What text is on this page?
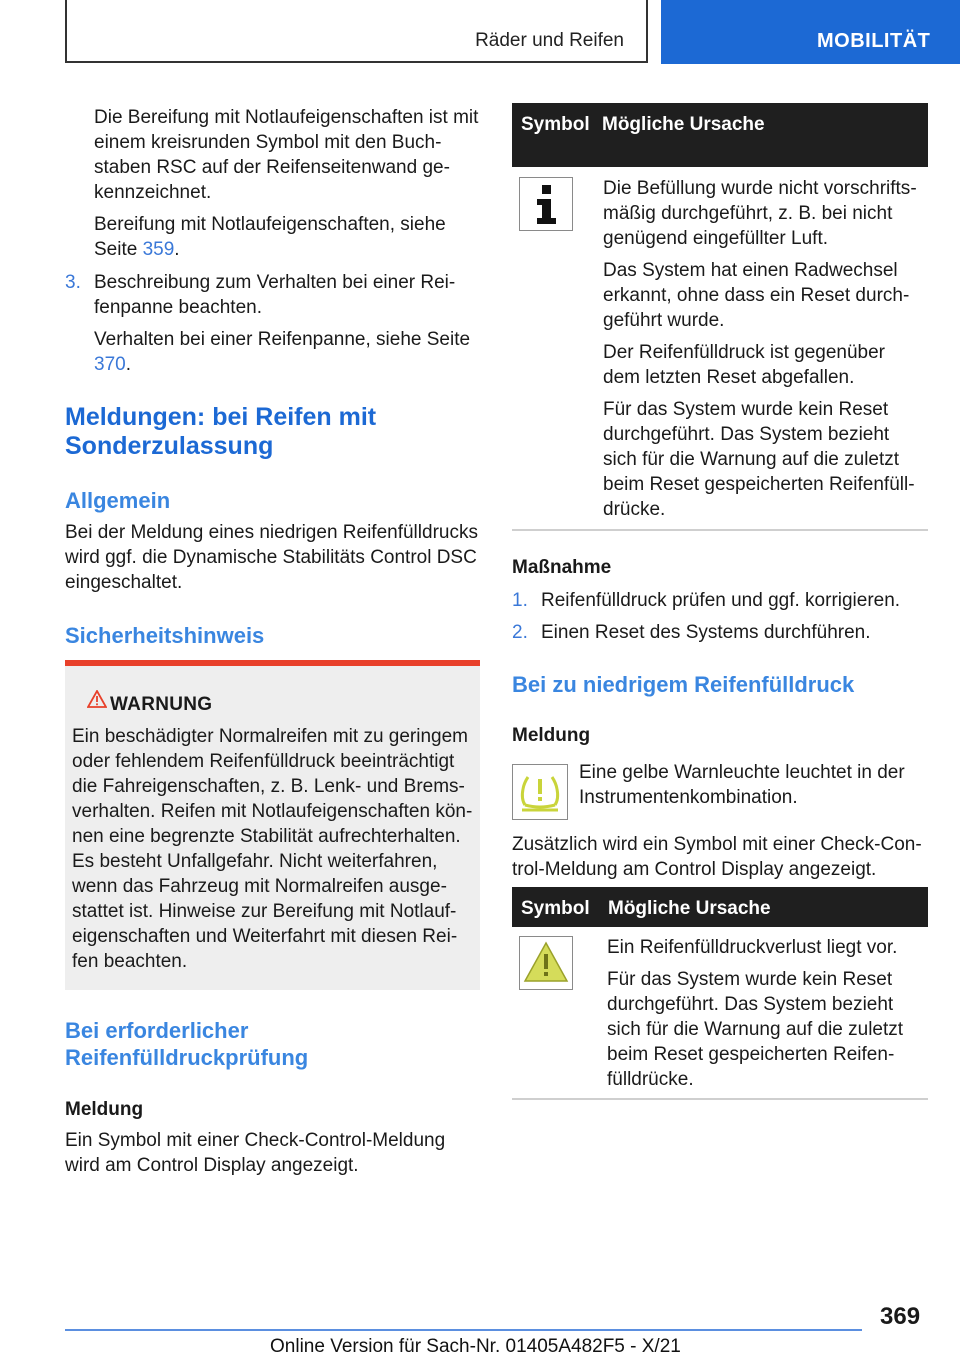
Räder und Reifen	MOBILITÄT

Die Bereifung mit Notlaufeigenschaften ist mit einem kreisrunden Symbol mit den Buchstaben RSC auf der Reifenseitenwand gekennzeichnet.

Bereifung mit Notlaufeigenschaften, siehe Seite 359.

3. Beschreibung zum Verhalten bei einer Reifenpanne beachten.

Verhalten bei einer Reifenpanne, siehe Seite 370.

Meldungen: bei Reifen mit Sonderzulassung
Allgemein

Bei der Meldung eines niedrigen Reifenfülldrucks wird ggf. die Dynamische Stabilitäts Control DSC eingeschaltet.

Sicherheitshinweis
WARNUNG

Ein beschädigter Normalreifen mit zu geringem oder fehlendem Reifenfülldruck beeinträchtigt die Fahreigenschaften, z. B. Lenk- und Bremsverhalten. Reifen mit Notlaufeigenschaften können eine begrenzte Stabilität aufrechterhalten. Es besteht Unfallgefahr. Nicht weiterfahren, wenn das Fahrzeug mit Normalreifen ausgestattet ist. Hinweise zur Bereifung mit Notlaufeigenschaften und Weiterfahrt mit diesen Reifen beachten.

Bei erforderlicher Reifenfülldruckprüfung
Meldung

Ein Symbol mit einer Check-Control-Meldung wird am Control Display angezeigt.

Symbol Mögliche Ursache

Die Befüllung wurde nicht vorschriftsmäßig durchgeführt, z. B. bei nicht genügend eingefüllter Luft.

Das System hat einen Radwechsel erkannt, ohne dass ein Reset durchgeführt wurde.

Der Reifenfülldruck ist gegenüber dem letzten Reset abgefallen.

Für das System wurde kein Reset durchgeführt. Das System bezieht sich für die Warnung auf die zuletzt beim Reset gespeicherten Reifenfülldrücke.

Maßnahme
1. Reifenfülldruck prüfen und ggf. korrigieren.
2. Einen Reset des Systems durchführen.
Bei zu niedrigem Reifenfülldruck
Meldung

Eine gelbe Warnleuchte leuchtet in der Instrumentenkombination.

Zusätzlich wird ein Symbol mit einer Check-Control-Meldung am Control Display angezeigt.

Symbol Mögliche Ursache

Ein Reifenfülldruckverlust liegt vor.

Für das System wurde kein Reset durchgeführt. Das System bezieht sich für die Warnung auf die zuletzt beim Reset gespeicherten Reifenfülldrücke.

369
Online Version für Sach-Nr. 01405A482F5 - X/21
